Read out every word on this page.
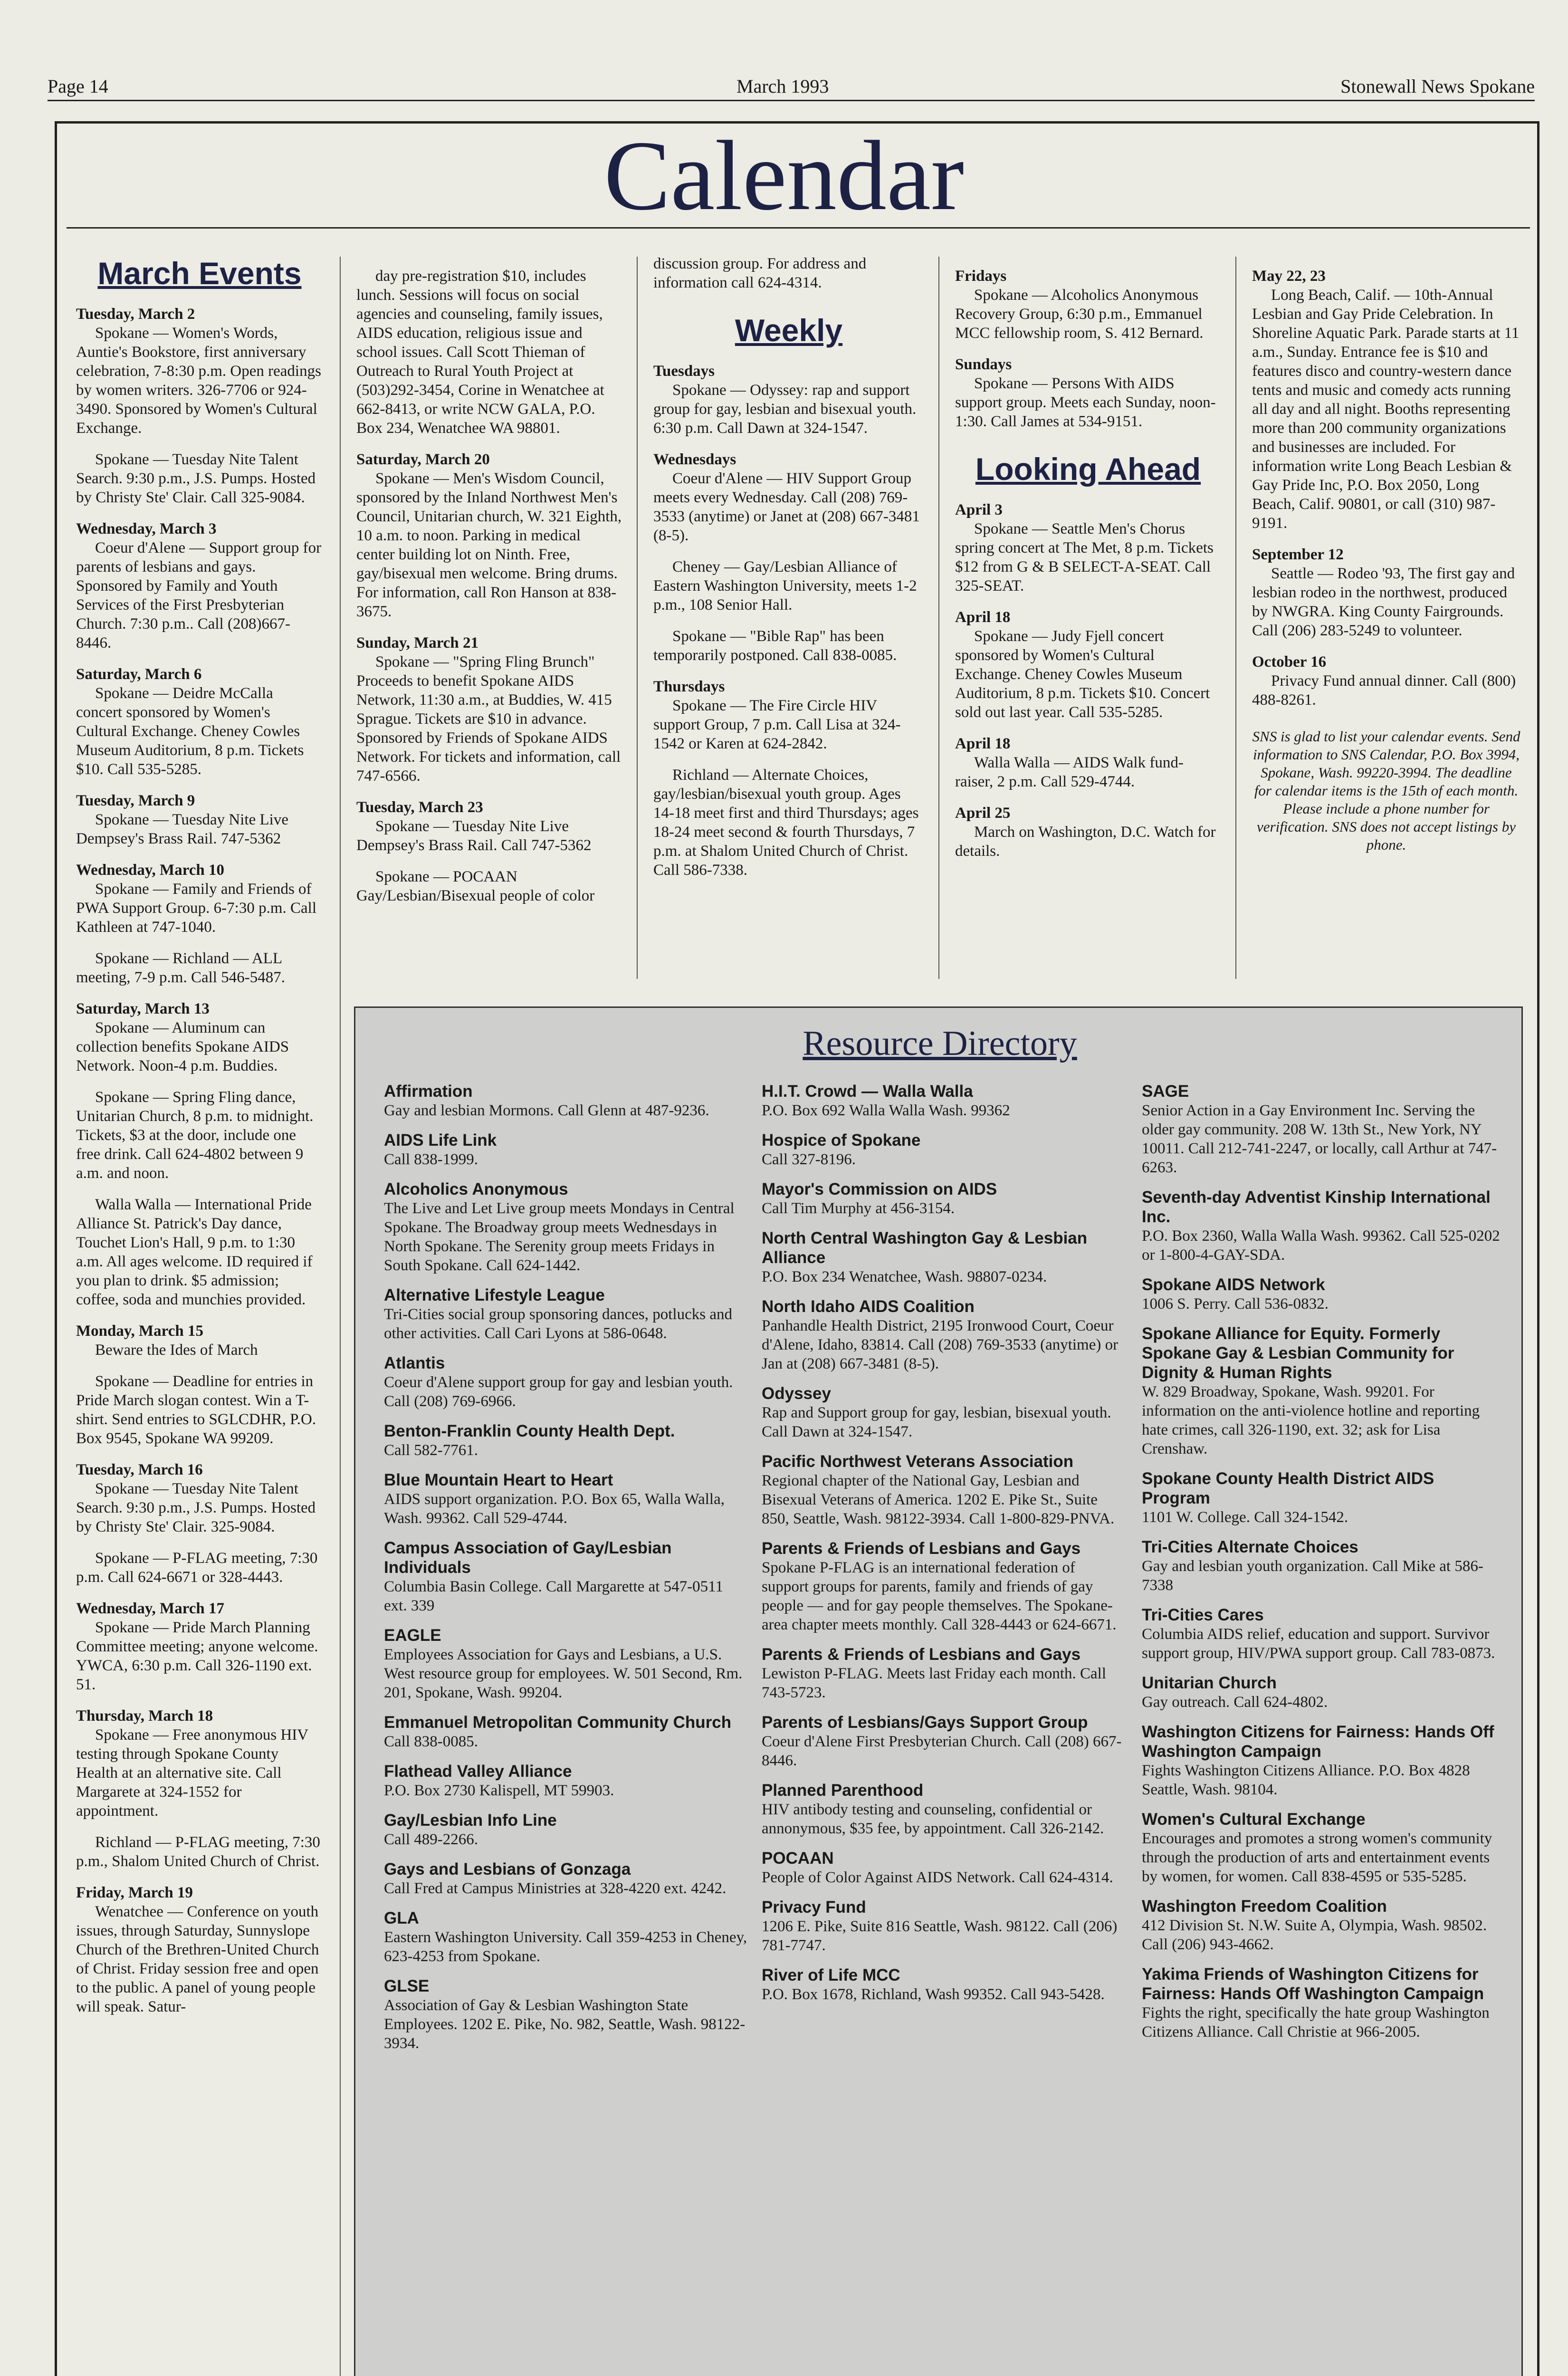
Page 14	March 1993	Stonewall News Spokane
Calendar
March Events
Tuesday, March 2
Spokane — Women's Words, Auntie's Bookstore, first anniversary celebration, 7-8:30 p.m. Open readings by women writers. 326-7706 or 924-3490. Sponsored by Women's Cultural Exchange.
Spokane — Tuesday Nite Talent Search. 9:30 p.m., J.S. Pumps. Hosted by Christy Ste' Clair. Call 325-9084.
Wednesday, March 3
Coeur d'Alene — Support group for parents of lesbians and gays. Sponsored by Family and Youth Services of the First Presbyterian Church. 7:30 p.m.. Call (208)667-8446.
Saturday, March 6
Spokane — Deidre McCalla concert sponsored by Women's Cultural Exchange. Cheney Cowles Museum Auditorium, 8 p.m. Tickets $10. Call 535-5285.
Tuesday, March 9
Spokane — Tuesday Nite Live Dempsey's Brass Rail. 747-5362
Wednesday, March 10
Spokane — Family and Friends of PWA Support Group. 6-7:30 p.m. Call Kathleen at 747-1040.
Spokane — Richland — ALL meeting, 7-9 p.m. Call 546-5487.
Saturday, March 13
Spokane — Aluminum can collection benefits Spokane AIDS Network. Noon-4 p.m. Buddies.
Spokane — Spring Fling dance, Unitarian Church, 8 p.m. to midnight. Tickets, $3 at the door, include one free drink. Call 624-4802 between 9 a.m. and noon.
Walla Walla — International Pride Alliance St. Patrick's Day dance, Touchet Lion's Hall, 9 p.m. to 1:30 a.m. All ages welcome. ID required if you plan to drink. $5 admission; coffee, soda and munchies provided.
Monday, March 15
Beware the Ides of March
Spokane — Deadline for entries in Pride March slogan contest. Win a T-shirt. Send entries to SGLCDHR, P.O. Box 9545, Spokane WA 99209.
Tuesday, March 16
Spokane — Tuesday Nite Talent Search. 9:30 p.m., J.S. Pumps. Hosted by Christy Ste' Clair. 325-9084.
Spokane — P-FLAG meeting, 7:30 p.m. Call 624-6671 or 328-4443.
Wednesday, March 17
Spokane — Pride March Planning Committee meeting; anyone welcome. YWCA, 6:30 p.m. Call 326-1190 ext. 51.
Thursday, March 18
Spokane — Free anonymous HIV testing through Spokane County Health at an alternative site. Call Margarete at 324-1552 for appointment.
Richland — P-FLAG meeting, 7:30 p.m., Shalom United Church of Christ.
Friday, March 19
Wenatchee — Conference on youth issues, through Saturday, Sunnyslope Church of the Brethren-United Church of Christ. Friday session free and open to the public. A panel of young people will speak. Satur-
day pre-registration $10, includes lunch. Sessions will focus on social agencies and counseling, family issues, AIDS education, religious issue and school issues. Call Scott Thieman of Outreach to Rural Youth Project at (503)292-3454, Corine in Wenatchee at 662-8413, or write NCW GALA, P.O. Box 234, Wenatchee WA 98801.
Saturday, March 20
Spokane — Men's Wisdom Council, sponsored by the Inland Northwest Men's Council, Unitarian church, W. 321 Eighth, 10 a.m. to noon. Parking in medical center building lot on Ninth. Free, gay/bisexual men welcome. Bring drums. For information, call Ron Hanson at 838-3675.
Sunday, March 21
Spokane — "Spring Fling Brunch" Proceeds to benefit Spokane AIDS Network, 11:30 a.m., at Buddies, W. 415 Sprague. Tickets are $10 in advance. Sponsored by Friends of Spokane AIDS Network. For tickets and information, call 747-6566.
Tuesday, March 23
Spokane — Tuesday Nite Live Dempsey's Brass Rail. Call 747-5362
Spokane — POCAAN Gay/Lesbian/Bisexual people of color
discussion group. For address and information call 624-4314.
Weekly
Tuesdays
Spokane — Odyssey: rap and support group for gay, lesbian and bisexual youth. 6:30 p.m. Call Dawn at 324-1547.
Wednesdays
Coeur d'Alene — HIV Support Group meets every Wednesday. Call (208) 769-3533 (anytime) or Janet at (208) 667-3481 (8-5).
Cheney — Gay/Lesbian Alliance of Eastern Washington University, meets 1-2 p.m., 108 Senior Hall.
Spokane — "Bible Rap" has been temporarily postponed. Call 838-0085.
Thursdays
Spokane — The Fire Circle HIV support Group, 7 p.m. Call Lisa at 324-1542 or Karen at 624-2842.
Richland — Alternate Choices, gay/lesbian/bisexual youth group. Ages 14-18 meet first and third Thursdays; ages 18-24 meet second & fourth Thursdays, 7 p.m. at Shalom United Church of Christ. Call 586-7338.
Fridays
Spokane — Alcoholics Anonymous Recovery Group, 6:30 p.m., Emmanuel MCC fellowship room, S. 412 Bernard.
Sundays
Spokane — Persons With AIDS support group. Meets each Sunday, noon-1:30. Call James at 534-9151.
Looking Ahead
April 3
Spokane — Seattle Men's Chorus spring concert at The Met, 8 p.m. Tickets $12 from G & B SELECT-A-SEAT. Call 325-SEAT.
April 18
Spokane — Judy Fjell concert sponsored by Women's Cultural Exchange. Cheney Cowles Museum Auditorium, 8 p.m. Tickets $10. Concert sold out last year. Call 535-5285.
April 18
Walla Walla — AIDS Walk fund-raiser, 2 p.m. Call 529-4744.
April 25
March on Washington, D.C. Watch for details.
May 22, 23
Long Beach, Calif. — 10th-Annual Lesbian and Gay Pride Celebration. In Shoreline Aquatic Park. Parade starts at 11 a.m., Sunday. Entrance fee is $10 and features disco and country-western dance tents and music and comedy acts running all day and all night. Booths representing more than 200 community organizations and businesses are included. For information write Long Beach Lesbian & Gay Pride Inc, P.O. Box 2050, Long Beach, Calif. 90801, or call (310) 987-9191.
September 12
Seattle — Rodeo '93, The first gay and lesbian rodeo in the northwest, produced by NWGRA. King County Fairgrounds. Call (206) 283-5249 to volunteer.
October 16
Privacy Fund annual dinner. Call (800) 488-8261.
SNS is glad to list your calendar events. Send information to SNS Calendar, P.O. Box 3994, Spokane, Wash. 99220-3994. The deadline for calendar items is the 15th of each month. Please include a phone number for verification. SNS does not accept listings by phone.
Resource Directory
Affirmation
Gay and lesbian Mormons. Call Glenn at 487-9236.
AIDS Life Link
Call 838-1999.
Alcoholics Anonymous
The Live and Let Live group meets Mondays in Central Spokane. The Broadway group meets Wednesdays in North Spokane. The Serenity group meets Fridays in South Spokane. Call 624-1442.
Alternative Lifestyle League
Tri-Cities social group sponsoring dances, potlucks and other activities. Call Cari Lyons at 586-0648.
Atlantis
Coeur d'Alene support group for gay and lesbian youth. Call (208) 769-6966.
Benton-Franklin County Health Dept.
Call 582-7761.
Blue Mountain Heart to Heart
AIDS support organization. P.O. Box 65, Walla Walla, Wash. 99362. Call 529-4744.
Campus Association of Gay/Lesbian Individuals
Columbia Basin College. Call Margarette at 547-0511 ext. 339
EAGLE
Employees Association for Gays and Lesbians, a U.S. West resource group for employees. W. 501 Second, Rm. 201, Spokane, Wash. 99204.
Emmanuel Metropolitan Community Church
Call 838-0085.
Flathead Valley Alliance
P.O. Box 2730 Kalispell, MT 59903.
Gay/Lesbian Info Line
Call 489-2266.
Gays and Lesbians of Gonzaga
Call Fred at Campus Ministries at 328-4220 ext. 4242.
GLA
Eastern Washington University. Call 359-4253 in Cheney, 623-4253 from Spokane.
GLSE
Association of Gay & Lesbian Washington State Employees. 1202 E. Pike, No. 982, Seattle, Wash. 98122-3934.
H.I.T. Crowd — Walla Walla
P.O. Box 692 Walla Walla Wash. 99362
Hospice of Spokane
Call 327-8196.
Mayor's Commission on AIDS
Call Tim Murphy at 456-3154.
North Central Washington Gay & Lesbian Alliance
P.O. Box 234 Wenatchee, Wash. 98807-0234.
North Idaho AIDS Coalition
Panhandle Health District, 2195 Ironwood Court, Coeur d'Alene, Idaho, 83814. Call (208) 769-3533 (anytime) or Jan at (208) 667-3481 (8-5).
Odyssey
Rap and Support group for gay, lesbian, bisexual youth. Call Dawn at 324-1547.
Pacific Northwest Veterans Association
Regional chapter of the National Gay, Lesbian and Bisexual Veterans of America. 1202 E. Pike St., Suite 850, Seattle, Wash. 98122-3934. Call 1-800-829-PNVA.
Parents & Friends of Lesbians and Gays
Spokane P-FLAG is an international federation of support groups for parents, family and friends of gay people — and for gay people themselves. The Spokane-area chapter meets monthly. Call 328-4443 or 624-6671.
Parents & Friends of Lesbians and Gays
Lewiston P-FLAG. Meets last Friday each month. Call 743-5723.
Parents of Lesbians/Gays Support Group
Coeur d'Alene First Presbyterian Church. Call (208) 667-8446.
Planned Parenthood
HIV antibody testing and counseling, confidential or annonymous, $35 fee, by appointment. Call 326-2142.
POCAAN
People of Color Against AIDS Network. Call 624-4314.
Privacy Fund
1206 E. Pike, Suite 816 Seattle, Wash. 98122. Call (206) 781-7747.
River of Life MCC
P.O. Box 1678, Richland, Wash 99352. Call 943-5428.
SAGE
Senior Action in a Gay Environment Inc. Serving the older gay community. 208 W. 13th St., New York, NY 10011. Call 212-741-2247, or locally, call Arthur at 747-6263.
Seventh-day Adventist Kinship International Inc.
P.O. Box 2360, Walla Walla Wash. 99362. Call 525-0202 or 1-800-4-GAY-SDA.
Spokane AIDS Network
1006 S. Perry. Call 536-0832.
Spokane Alliance for Equity. Formerly Spokane Gay & Lesbian Community for Dignity & Human Rights
W. 829 Broadway, Spokane, Wash. 99201. For information on the anti-violence hotline and reporting hate crimes, call 326-1190, ext. 32; ask for Lisa Crenshaw.
Spokane County Health District AIDS Program
1101 W. College. Call 324-1542.
Tri-Cities Alternate Choices
Gay and lesbian youth organization. Call Mike at 586-7338
Tri-Cities Cares
Columbia AIDS relief, education and support. Survivor support group, HIV/PWA support group. Call 783-0873.
Unitarian Church
Gay outreach. Call 624-4802.
Washington Citizens for Fairness: Hands Off Washington Campaign
Fights Washington Citizens Alliance. P.O. Box 4828 Seattle, Wash. 98104.
Women's Cultural Exchange
Encourages and promotes a strong women's community through the production of arts and entertainment events by women, for women. Call 838-4595 or 535-5285.
Washington Freedom Coalition
412 Division St. N.W. Suite A, Olympia, Wash. 98502. Call (206) 943-4662.
Yakima Friends of Washington Citizens for Fairness: Hands Off Washington Campaign
Fights the right, specifically the hate group Washington Citizens Alliance. Call Christie at 966-2005.
